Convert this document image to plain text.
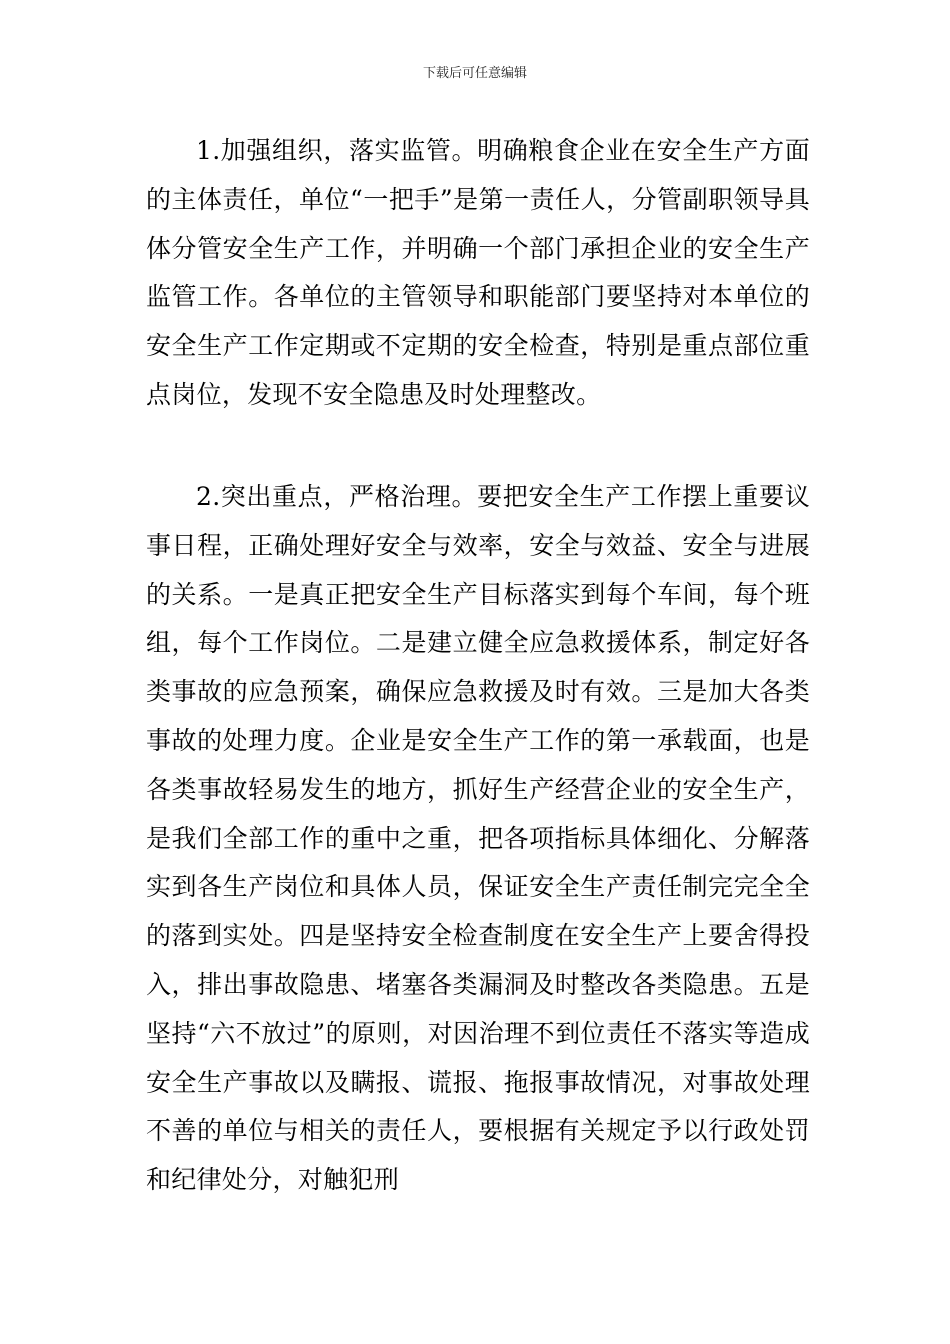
下载后可任意编辑

1.加强组织，落实监管。明确粮食企业在安全生产方面的主体责任，单位“一把手”是第一责任人，分管副职领导具体分管安全生产工作，并明确一个部门承担企业的安全生产监管工作。各单位的主管领导和职能部门要坚持对本单位的安全生产工作定期或不定期的安全检查，特别是重点部位重点岗位，发现不安全隐患及时处理整改。

2.突出重点，严格治理。要把安全生产工作摆上重要议事日程，正确处理好安全与效率，安全与效益、安全与进展的关系。一是真正把安全生产目标落实到每个车间，每个班组，每个工作岗位。二是建立健全应急救援体系，制定好各类事故的应急预案，确保应急救援及时有效。三是加大各类事故的处理力度。企业是安全生产工作的第一承载面，也是各类事故轻易发生的地方，抓好生产经营企业的安全生产，是我们全部工作的重中之重，把各项指标具体细化、分解落实到各生产岗位和具体人员，保证安全生产责任制完完全全的落到实处。四是坚持安全检查制度在安全生产上要舍得投入，排出事故隐患、堵塞各类漏洞及时整改各类隐患。五是坚持“六不放过”的原则，对因治理不到位责任不落实等造成安全生产事故以及瞒报、谎报、拖报事故情况，对事故处理不善的单位与相关的责任人，要根据有关规定予以行政处罚和纪律处分，对触犯刑
